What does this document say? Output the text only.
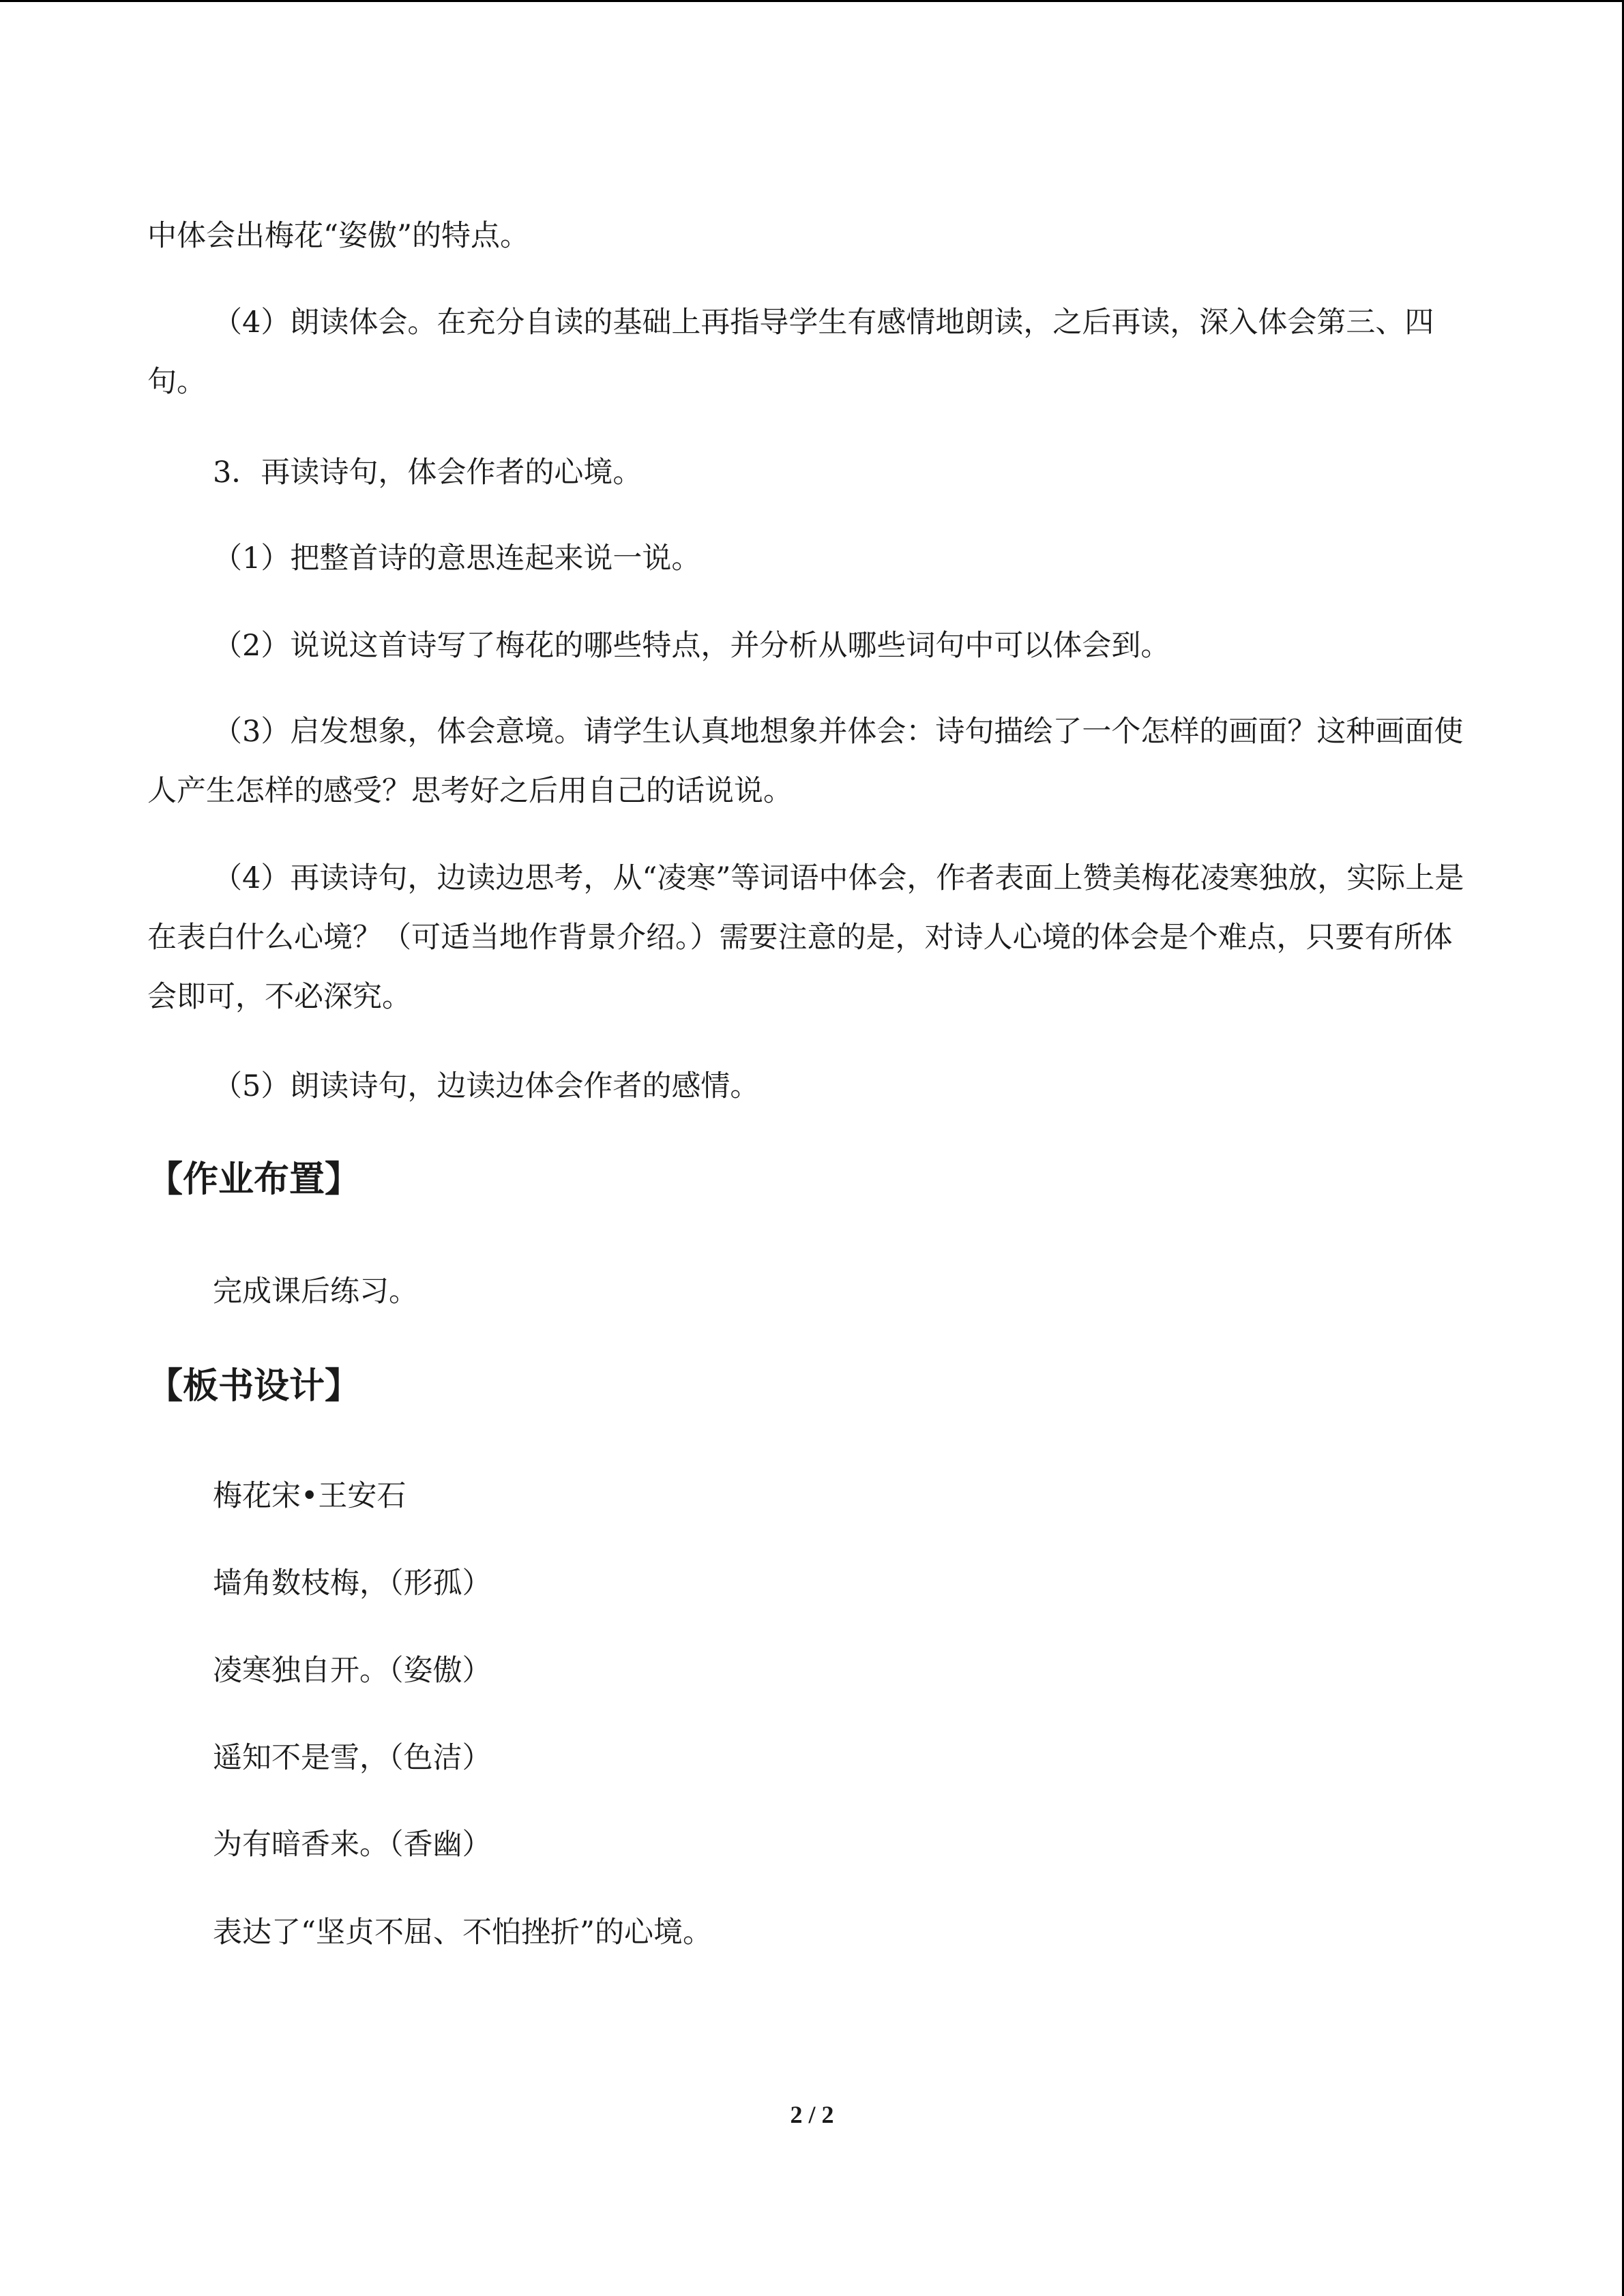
中体会出梅花“姿傲”的特点。

（4）朗读体会。在充分自读的基础上再指导学生有感情地朗读，之后再读，深入体会第三、四句。

3．再读诗句，体会作者的心境。

（1）把整首诗的意思连起来说一说。

（2）说说这首诗写了梅花的哪些特点，并分析从哪些词句中可以体会到。

（3）启发想象，体会意境。请学生认真地想象并体会：诗句描绘了一个怎样的画面？这种画面使人产生怎样的感受？思考好之后用自己的话说说。

（4）再读诗句，边读边思考，从“凌寒”等词语中体会，作者表面上赞美梅花凌寒独放，实际上是在表白什么心境？（可适当地作背景介绍。）需要注意的是，对诗人心境的体会是个难点，只要有所体会即可，不必深究。

（5）朗读诗句，边读边体会作者的感情。

【作业布置】

完成课后练习。

【板书设计】

梅花宋•王安石

墙角数枝梅，（形孤）

凌寒独自开。（姿傲）

遥知不是雪，（色洁）

为有暗香来。（香幽）

表达了“坚贞不屈、不怕挫折”的心境。

2 / 2
